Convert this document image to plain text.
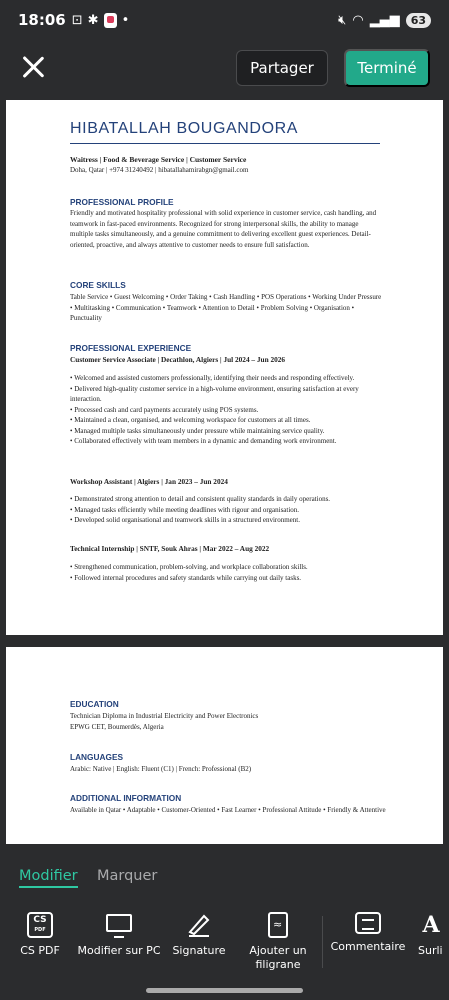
18:06 ⊡ ✱ •	🔇︎ ◠ ▂▄▆	63
Partager	Terminé
HIBATALLAH BOUGANDORA
Waitress | Food & Beverage Service | Customer Service
Doha, Qatar | +974 31240492 | hibatallahamirabgn@gmail.com
PROFESSIONAL PROFILE
Friendly and motivated hospitality professional with solid experience in customer service, cash handling, and teamwork in fast-paced environments. Recognized for strong interpersonal skills, the ability to manage multiple tasks simultaneously, and a genuine commitment to delivering excellent guest experiences. Detail-oriented, proactive, and always attentive to customer needs to ensure full satisfaction.
CORE SKILLS
Table Service • Guest Welcoming • Order Taking • Cash Handling • POS Operations • Working Under Pressure • Multitasking • Communication • Teamwork • Attention to Detail • Problem Solving • Organisation • Punctuality
PROFESSIONAL EXPERIENCE
Customer Service Associate | Decathlon, Algiers | Jul 2024 – Jun 2026
• Welcomed and assisted customers professionally, identifying their needs and responding effectively.
• Delivered high-quality customer service in a high-volume environment, ensuring satisfaction at every interaction.
• Processed cash and card payments accurately using POS systems.
• Maintained a clean, organised, and welcoming workspace for customers at all times.
• Managed multiple tasks simultaneously under pressure while maintaining service quality.
• Collaborated effectively with team members in a dynamic and demanding work environment.
Workshop Assistant | Algiers | Jan 2023 – Jun 2024
• Demonstrated strong attention to detail and consistent quality standards in daily operations.
• Managed tasks efficiently while meeting deadlines with rigour and organisation.
• Developed solid organisational and teamwork skills in a structured environment.
Technical Internship | SNTF, Souk Ahras | Mar 2022 – Aug 2022
• Strengthened communication, problem-solving, and workplace collaboration skills.
• Followed internal procedures and safety standards while carrying out daily tasks.
EDUCATION
Technician Diploma in Industrial Electricity and Power Electronics
EPWG CET, Boumerdès, Algeria
LANGUAGES
Arabic: Native | English: Fluent (C1) | French: Professional (B2)
ADDITIONAL INFORMATION
Available in Qatar • Adaptable • Customer-Oriented • Fast Learner • Professional Attitude • Friendly & Attentive
Modifier Marquer
CS
PDF
CS PDF Modifier sur PC Signature
≈	Ajouter un filigrane
Commentaire
A
Surli
